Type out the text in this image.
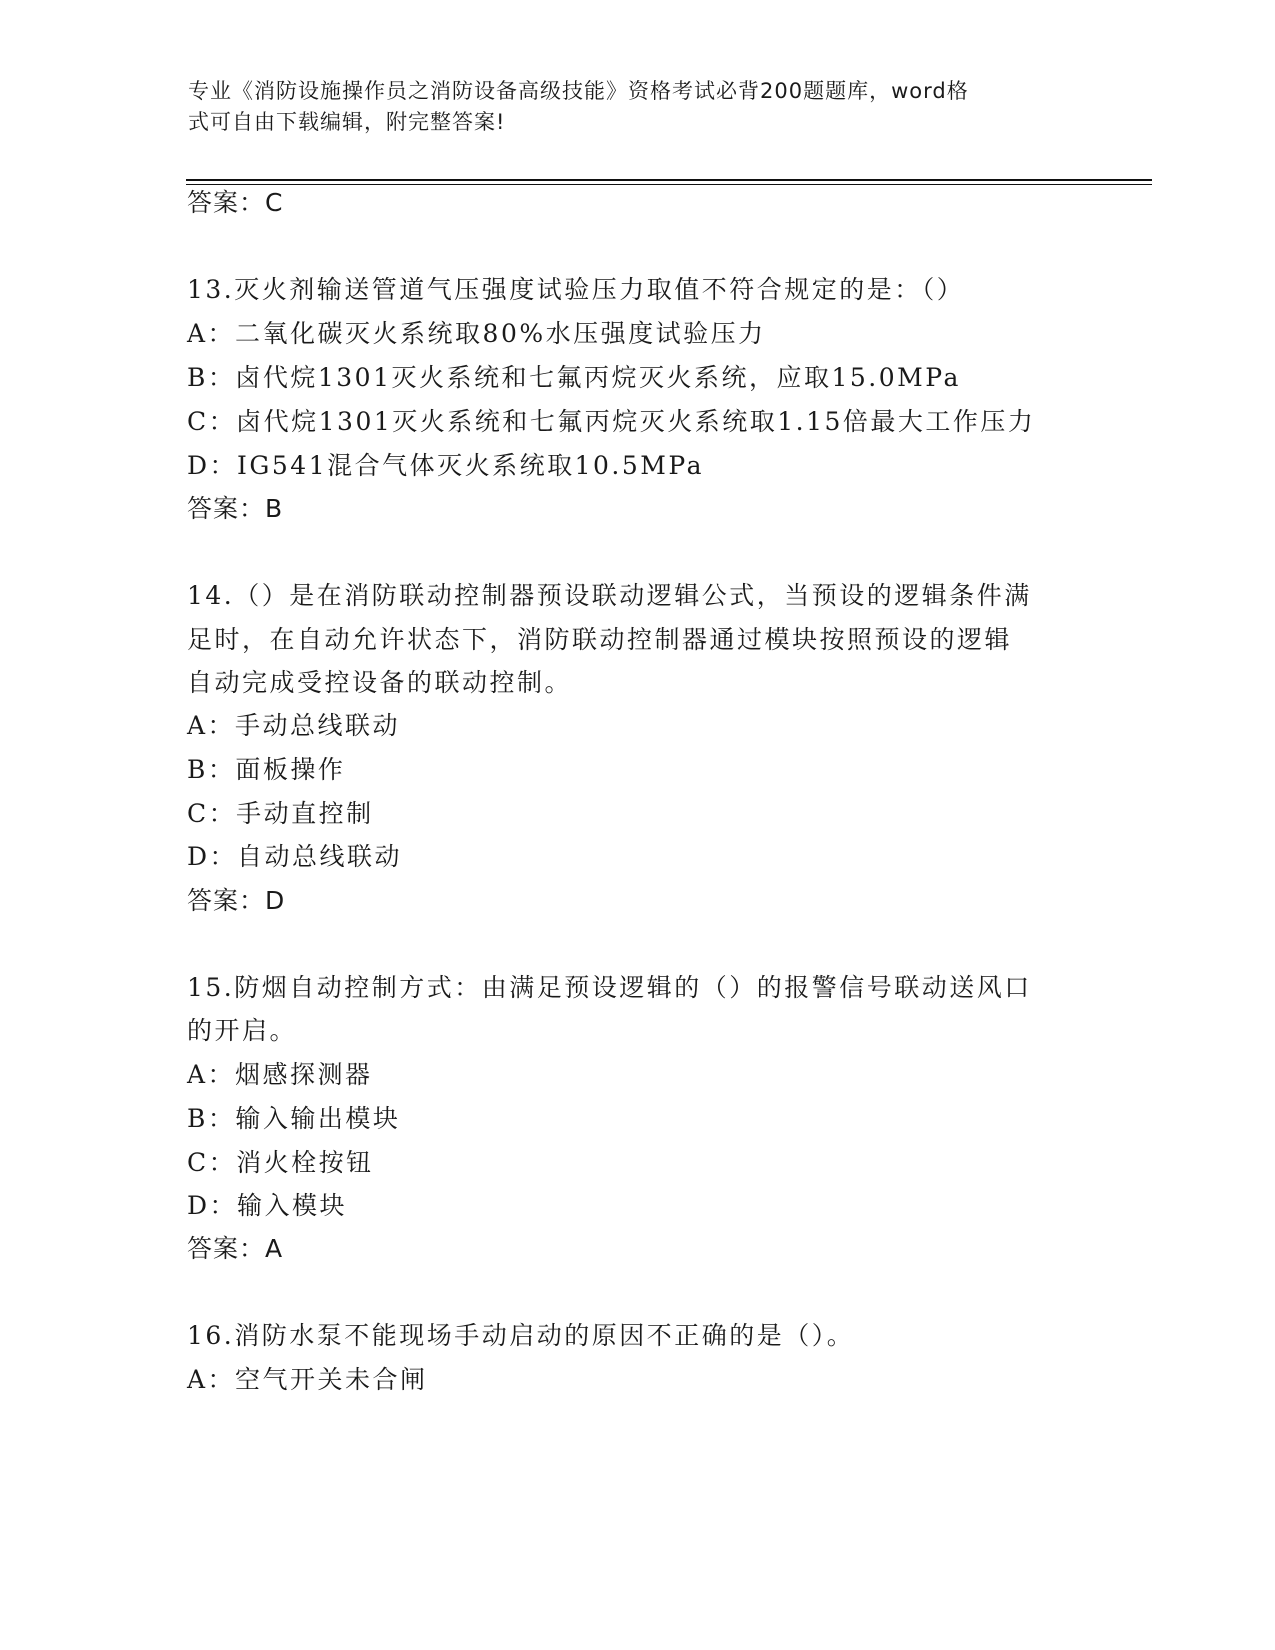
专业《消防设施操作员之消防设备高级技能》资格考试必背200题题库，word格
式可自由下载编辑，附完整答案!
答案：C
13.灭火剂输送管道气压强度试验压力取值不符合规定的是：（）
A：二氧化碳灭火系统取80%水压强度试验压力
B：卤代烷1301灭火系统和七氟丙烷灭火系统，应取15.0MPa
C：卤代烷1301灭火系统和七氟丙烷灭火系统取1.15倍最大工作压力
D：IG541混合气体灭火系统取10.5MPa
答案：B
14.（）是在消防联动控制器预设联动逻辑公式，当预设的逻辑条件满
足时，在自动允许状态下，消防联动控制器通过模块按照预设的逻辑
自动完成受控设备的联动控制。
A：手动总线联动
B：面板操作
C：手动直控制
D：自动总线联动
答案：D
15.防烟自动控制方式：由满足预设逻辑的（）的报警信号联动送风口
的开启。
A：烟感探测器
B：输入输出模块
C：消火栓按钮
D：输入模块
答案：A
16.消防水泵不能现场手动启动的原因不正确的是（）。
A：空气开关未合闸
